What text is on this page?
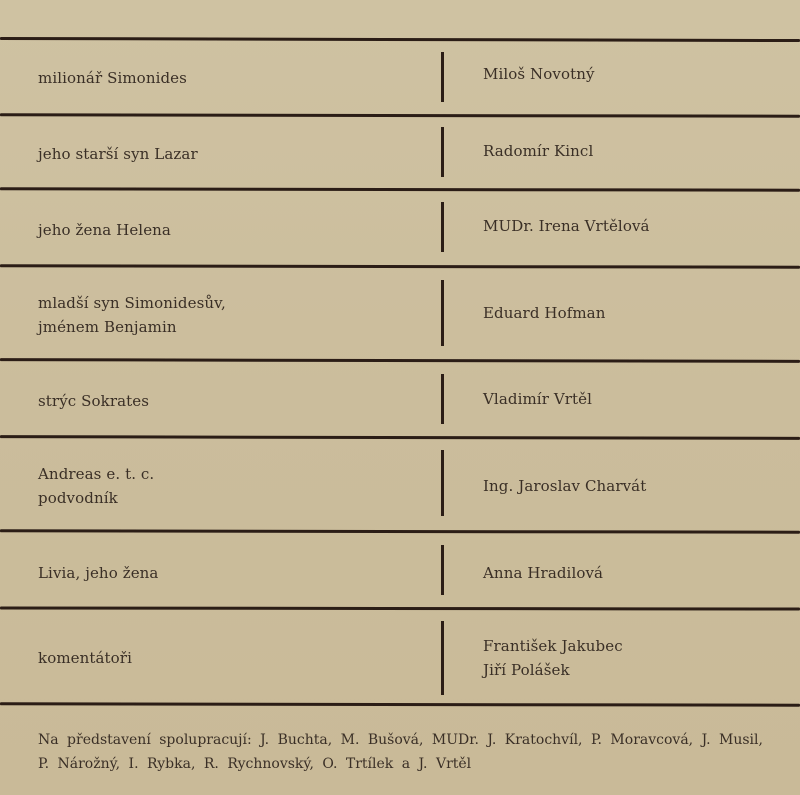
milionář Simonides
jeho starší syn Lazar
jeho žena Helena
mladší syn Simonidesův,
jménem Benjamin
strýc Sokrates
Andreas e. t. c.
podvodník
Livia, jeho žena
komentátoři
Miloš Novotný
Radomír Kincl
MUDr. Irena Vrtělová
Eduard Hofman
Vladimír Vrtěl
Ing. Jaroslav Charvát
Anna Hradilová
František Jakubec
Jiří Polášek
Na představení spolupracují: J. Buchta, M. Bušová, MUDr. J. Kratochvíl, P. Moravcová, J. Musil,
P. Nárožný, I. Rybka, R. Rychnovský, O. Trtílek a J. Vrtěl
